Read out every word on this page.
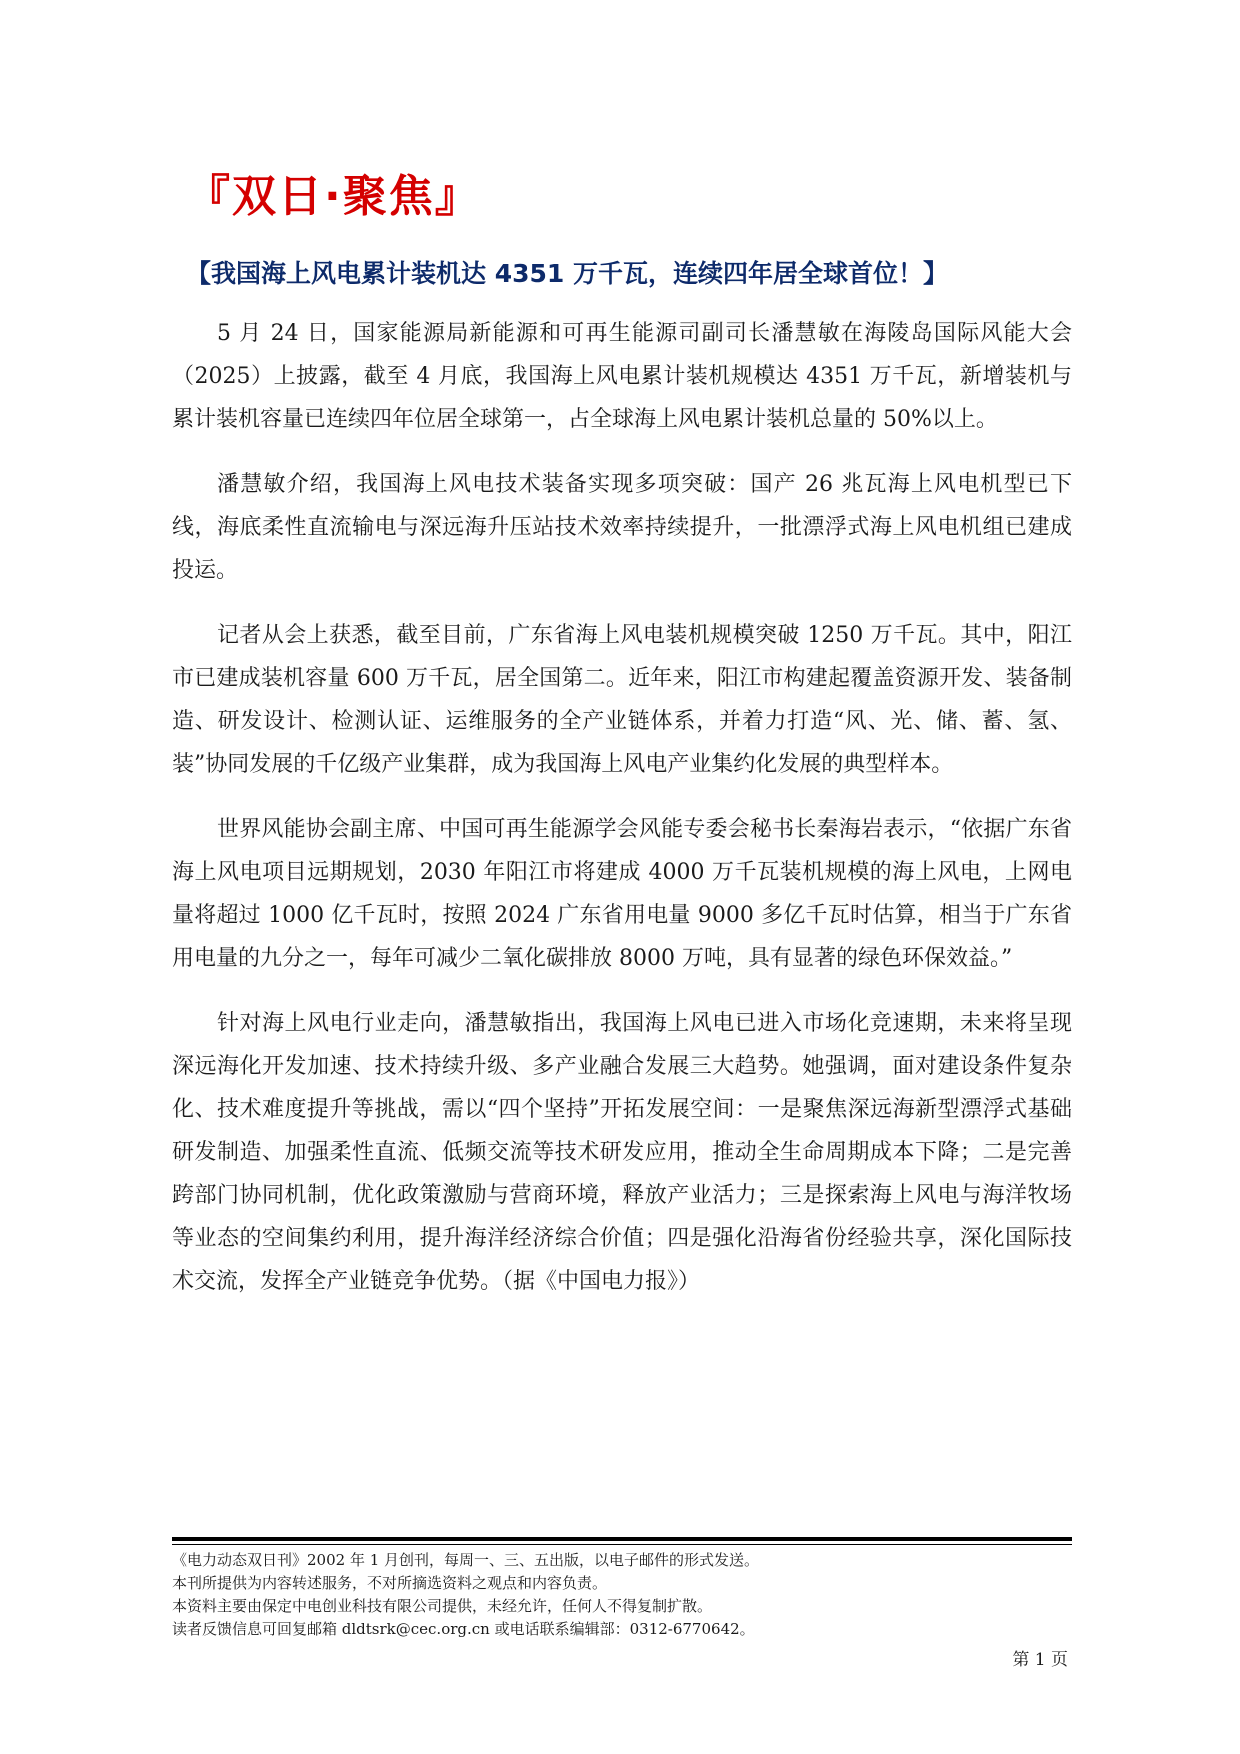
『双日·聚焦』
【我国海上风电累计装机达 4351 万千瓦，连续四年居全球首位！】

5 月 24 日，国家能源局新能源和可再生能源司副司长潘慧敏在海陵岛国际风能大会（2025）上披露，截至 4 月底，我国海上风电累计装机规模达 4351 万千瓦，新增装机与累计装机容量已连续四年位居全球第一，占全球海上风电累计装机总量的 50%以上。

潘慧敏介绍，我国海上风电技术装备实现多项突破：国产 26 兆瓦海上风电机型已下线，海底柔性直流输电与深远海升压站技术效率持续提升，一批漂浮式海上风电机组已建成投运。

记者从会上获悉，截至目前，广东省海上风电装机规模突破 1250 万千瓦。其中，阳江市已建成装机容量 600 万千瓦，居全国第二。近年来，阳江市构建起覆盖资源开发、装备制造、研发设计、检测认证、运维服务的全产业链体系，并着力打造“风、光、储、蓄、氢、装”协同发展的千亿级产业集群，成为我国海上风电产业集约化发展的典型样本。

世界风能协会副主席、中国可再生能源学会风能专委会秘书长秦海岩表示，“依据广东省海上风电项目远期规划，2030 年阳江市将建成 4000 万千瓦装机规模的海上风电，上网电量将超过 1000 亿千瓦时，按照 2024 广东省用电量 9000 多亿千瓦时估算，相当于广东省用电量的九分之一，每年可减少二氧化碳排放 8000 万吨，具有显著的绿色环保效益。”

针对海上风电行业走向，潘慧敏指出，我国海上风电已进入市场化竞速期，未来将呈现深远海化开发加速、技术持续升级、多产业融合发展三大趋势。她强调，面对建设条件复杂化、技术难度提升等挑战，需以“四个坚持”开拓发展空间：一是聚焦深远海新型漂浮式基础研发制造、加强柔性直流、低频交流等技术研发应用，推动全生命周期成本下降；二是完善跨部门协同机制，优化政策激励与营商环境，释放产业活力；三是探索海上风电与海洋牧场等业态的空间集约利用，提升海洋经济综合价值；四是强化沿海省份经验共享，深化国际技术交流，发挥全产业链竞争优势。（据《中国电力报》）

《电力动态双日刊》2002 年 1 月创刊，每周一、三、五出版，以电子邮件的形式发送。
本刊所提供为内容转述服务，不对所摘选资料之观点和内容负责。
本资料主要由保定中电创业科技有限公司提供，未经允许，任何人不得复制扩散。
读者反馈信息可回复邮箱 dldtsrk@cec.org.cn 或电话联系编辑部：0312-6770642。
第 1 页
